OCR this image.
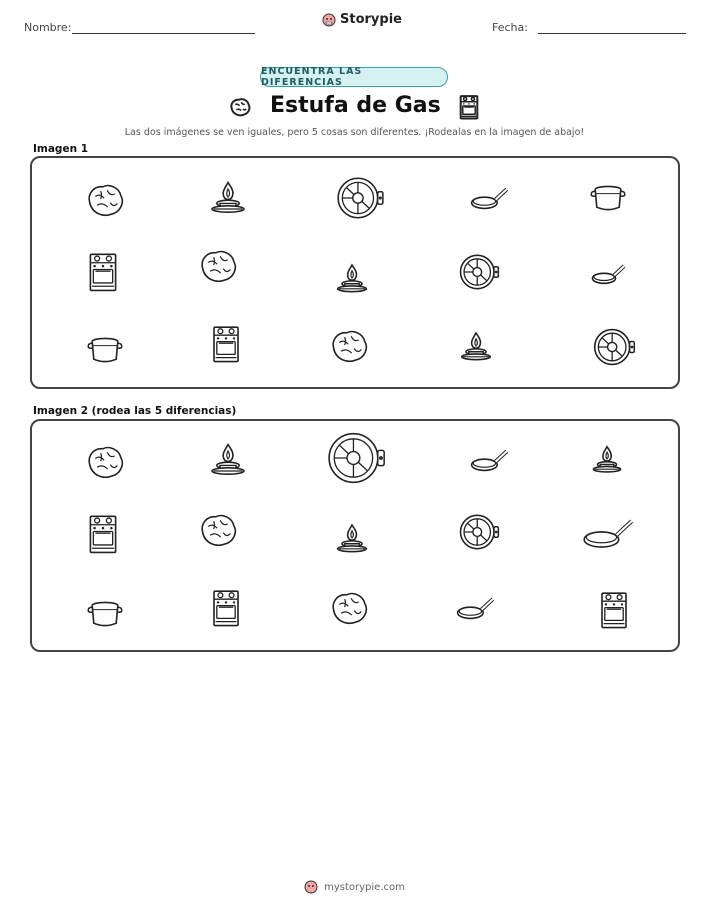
Nombre:
Storypie
Fecha:
ENCUENTRA LAS DIFERENCIAS
Estufa de Gas
Las dos imágenes se ven iguales, pero 5 cosas son diferentes. ¡Rodealas en la imagen de abajo!
Imagen 1
Imagen 2 (rodea las 5 diferencias)
mystorypie.com
